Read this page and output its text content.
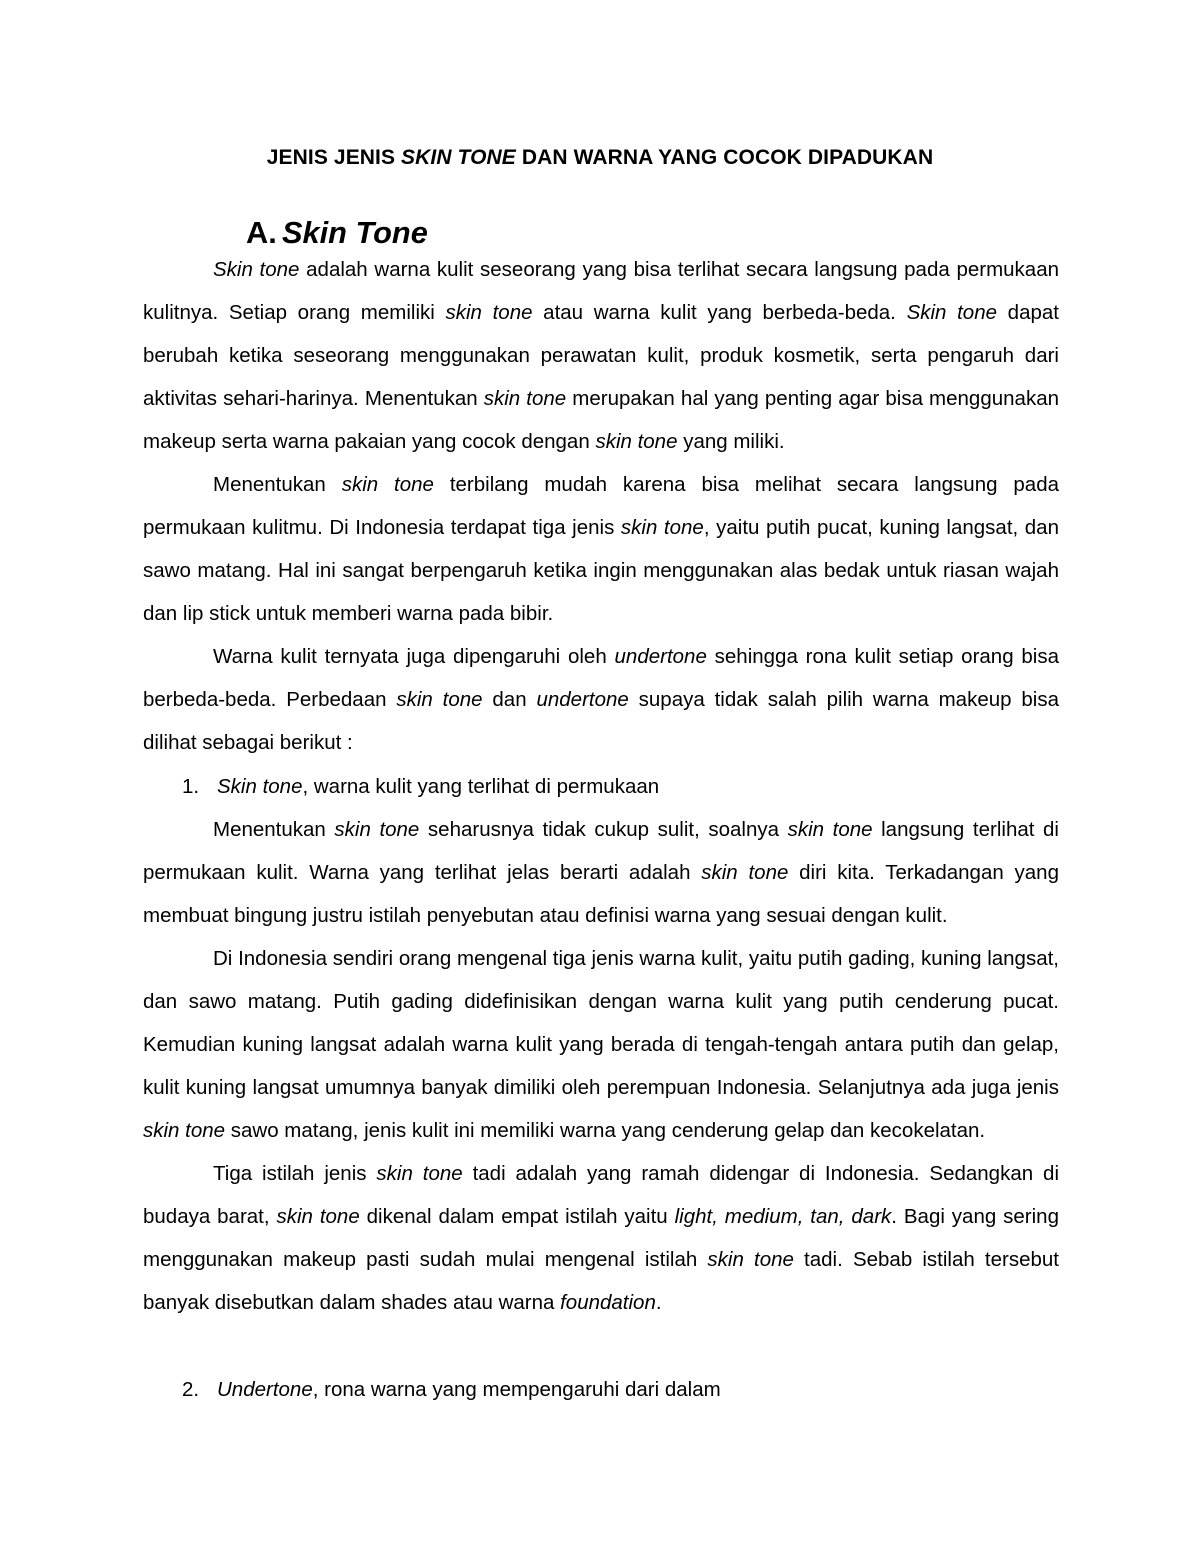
JENIS JENIS SKIN TONE DAN WARNA YANG COCOK DIPADUKAN
A. Skin Tone

Skin tone adalah warna kulit seseorang yang bisa terlihat secara langsung pada permukaan kulitnya. Setiap orang memiliki skin tone atau warna kulit yang berbeda-beda. Skin tone dapat berubah ketika seseorang menggunakan perawatan kulit, produk kosmetik, serta pengaruh dari aktivitas sehari-harinya. Menentukan skin tone merupakan hal yang penting agar bisa menggunakan makeup serta warna pakaian yang cocok dengan skin tone yang miliki.

Menentukan skin tone terbilang mudah karena bisa melihat secara langsung pada permukaan kulitmu. Di Indonesia terdapat tiga jenis skin tone, yaitu putih pucat, kuning langsat, dan sawo matang. Hal ini sangat berpengaruh ketika ingin menggunakan alas bedak untuk riasan wajah dan lip stick untuk memberi warna pada bibir.

Warna kulit ternyata juga dipengaruhi oleh undertone sehingga rona kulit setiap orang bisa berbeda-beda. Perbedaan skin tone dan undertone supaya tidak salah pilih warna makeup bisa dilihat sebagai berikut :

1. Skin tone, warna kulit yang terlihat di permukaan

Menentukan skin tone seharusnya tidak cukup sulit, soalnya skin tone langsung terlihat di permukaan kulit. Warna yang terlihat jelas berarti adalah skin tone diri kita. Terkadangan yang membuat bingung justru istilah penyebutan atau definisi warna yang sesuai dengan kulit.

Di Indonesia sendiri orang mengenal tiga jenis warna kulit, yaitu putih gading, kuning langsat, dan sawo matang. Putih gading didefinisikan dengan warna kulit yang putih cenderung pucat. Kemudian kuning langsat adalah warna kulit yang berada di tengah-tengah antara putih dan gelap, kulit kuning langsat umumnya banyak dimiliki oleh perempuan Indonesia. Selanjutnya ada juga jenis skin tone sawo matang, jenis kulit ini memiliki warna yang cenderung gelap dan kecokelatan.

Tiga istilah jenis skin tone tadi adalah yang ramah didengar di Indonesia. Sedangkan di budaya barat, skin tone dikenal dalam empat istilah yaitu light, medium, tan, dark. Bagi yang sering menggunakan makeup pasti sudah mulai mengenal istilah skin tone tadi. Sebab istilah tersebut banyak disebutkan dalam shades atau warna foundation.

2. Undertone, rona warna yang mempengaruhi dari dalam
